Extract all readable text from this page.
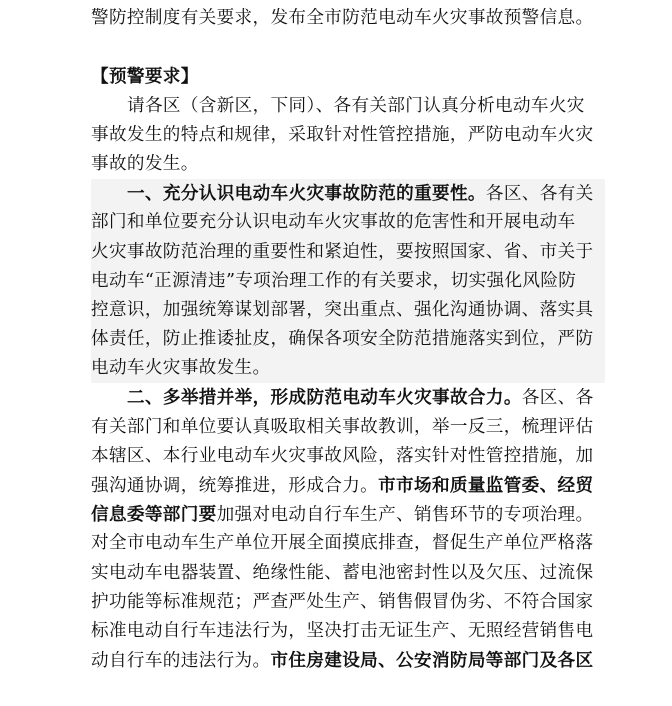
警防控制度有关要求，发布全市防范电动车火灾事故预警信息。
【预警要求】
请各区（含新区，下同）、各有关部门认真分析电动车火灾
事故发生的特点和规律，采取针对性管控措施，严防电动车火灾
事故的发生。
一、充分认识电动车火灾事故防范的重要性。各区、各有关
部门和单位要充分认识电动车火灾事故的危害性和开展电动车
火灾事故防范治理的重要性和紧迫性，要按照国家、省、市关于
电动车“正源清违”专项治理工作的有关要求，切实强化风险防
控意识，加强统筹谋划部署，突出重点、强化沟通协调、落实具
体责任，防止推诿扯皮，确保各项安全防范措施落实到位，严防
电动车火灾事故发生。
二、多举措并举，形成防范电动车火灾事故合力。各区、各
有关部门和单位要认真吸取相关事故教训，举一反三，梳理评估
本辖区、本行业电动车火灾事故风险，落实针对性管控措施，加
强沟通协调，统筹推进，形成合力。市市场和质量监管委、经贸
信息委等部门要加强对电动自行车生产、销售环节的专项治理。
对全市电动车生产单位开展全面摸底排查，督促生产单位严格落
实电动车电器装置、绝缘性能、蓄电池密封性以及欠压、过流保
护功能等标准规范；严查严处生产、销售假冒伪劣、不符合国家
标准电动自行车违法行为，坚决打击无证生产、无照经营销售电
动自行车的违法行为。市住房建设局、公安消防局等部门及各区
